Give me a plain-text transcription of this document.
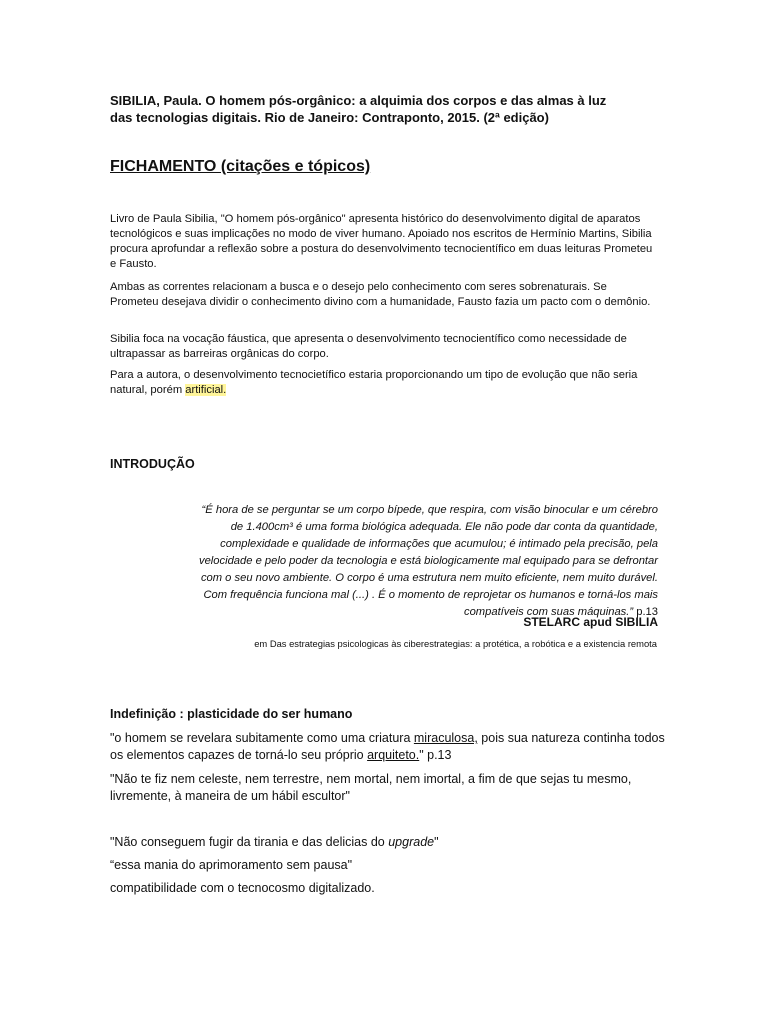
SIBILIA, Paula. O homem pós-orgânico: a alquimia dos corpos e das almas à luz das tecnologias digitais. Rio de Janeiro: Contraponto, 2015. (2ª edição)
FICHAMENTO (citações e tópicos)
Livro de Paula Sibilia, "O homem pós-orgânico" apresenta histórico do desenvolvimento digital de aparatos tecnológicos e suas implicações no modo de viver humano. Apoiado nos escritos de Hermínio Martins, Sibilia procura aprofundar a reflexão sobre a postura do desenvolvimento tecnocientífico em duas leituras Prometeu e Fausto.
Ambas as correntes relacionam a busca e o desejo pelo conhecimento com seres sobrenaturais. Se Prometeu desejava dividir o conhecimento divino com a humanidade, Fausto fazia um pacto com o demônio.
Sibilia foca na vocação fáustica, que apresenta o desenvolvimento tecnocientífico como necessidade de ultrapassar as barreiras orgânicas do corpo.
Para a autora, o desenvolvimento tecnocietífico estaria proporcionando um tipo de evolução que não seria natural, porém artificial.
INTRODUÇÃO
“É hora de se perguntar se um corpo bípede, que respira, com visão binocular e um cérebro de 1.400cm³ é uma forma biológica adequada. Ele não pode dar conta da quantidade, complexidade e qualidade de informações que acumulou; é intimado pela precisão, pela velocidade e pelo poder da tecnologia e está biologicamente mal equipado para se defrontar com o seu novo ambiente. O corpo é uma estrutura nem muito eficiente, nem muito durável. Com frequência funciona mal (...) . É o momento de reprojetar os humanos e torná-los mais compatíveis com suas máquinas.” p.13
STELARC apud SIBILIA
em Das estrategias psicologicas às ciberestrategias: a protética, a robótica e a existencia remota
Indefinição : plasticidade do ser humano
"o homem se revelara subitamente como uma criatura miraculosa, pois sua natureza continha todos os elementos capazes de torná-lo seu próprio arquiteto." p.13
"Não te fiz nem celeste, nem terrestre, nem mortal, nem imortal, a fim de que sejas tu mesmo, livremente, à maneira de um hábil escultor"
"Não conseguem fugir da tirania e das delicias do upgrade"
“essa mania do aprimoramento sem pausa"
compatibilidade com o tecnocosmo digitalizado.
